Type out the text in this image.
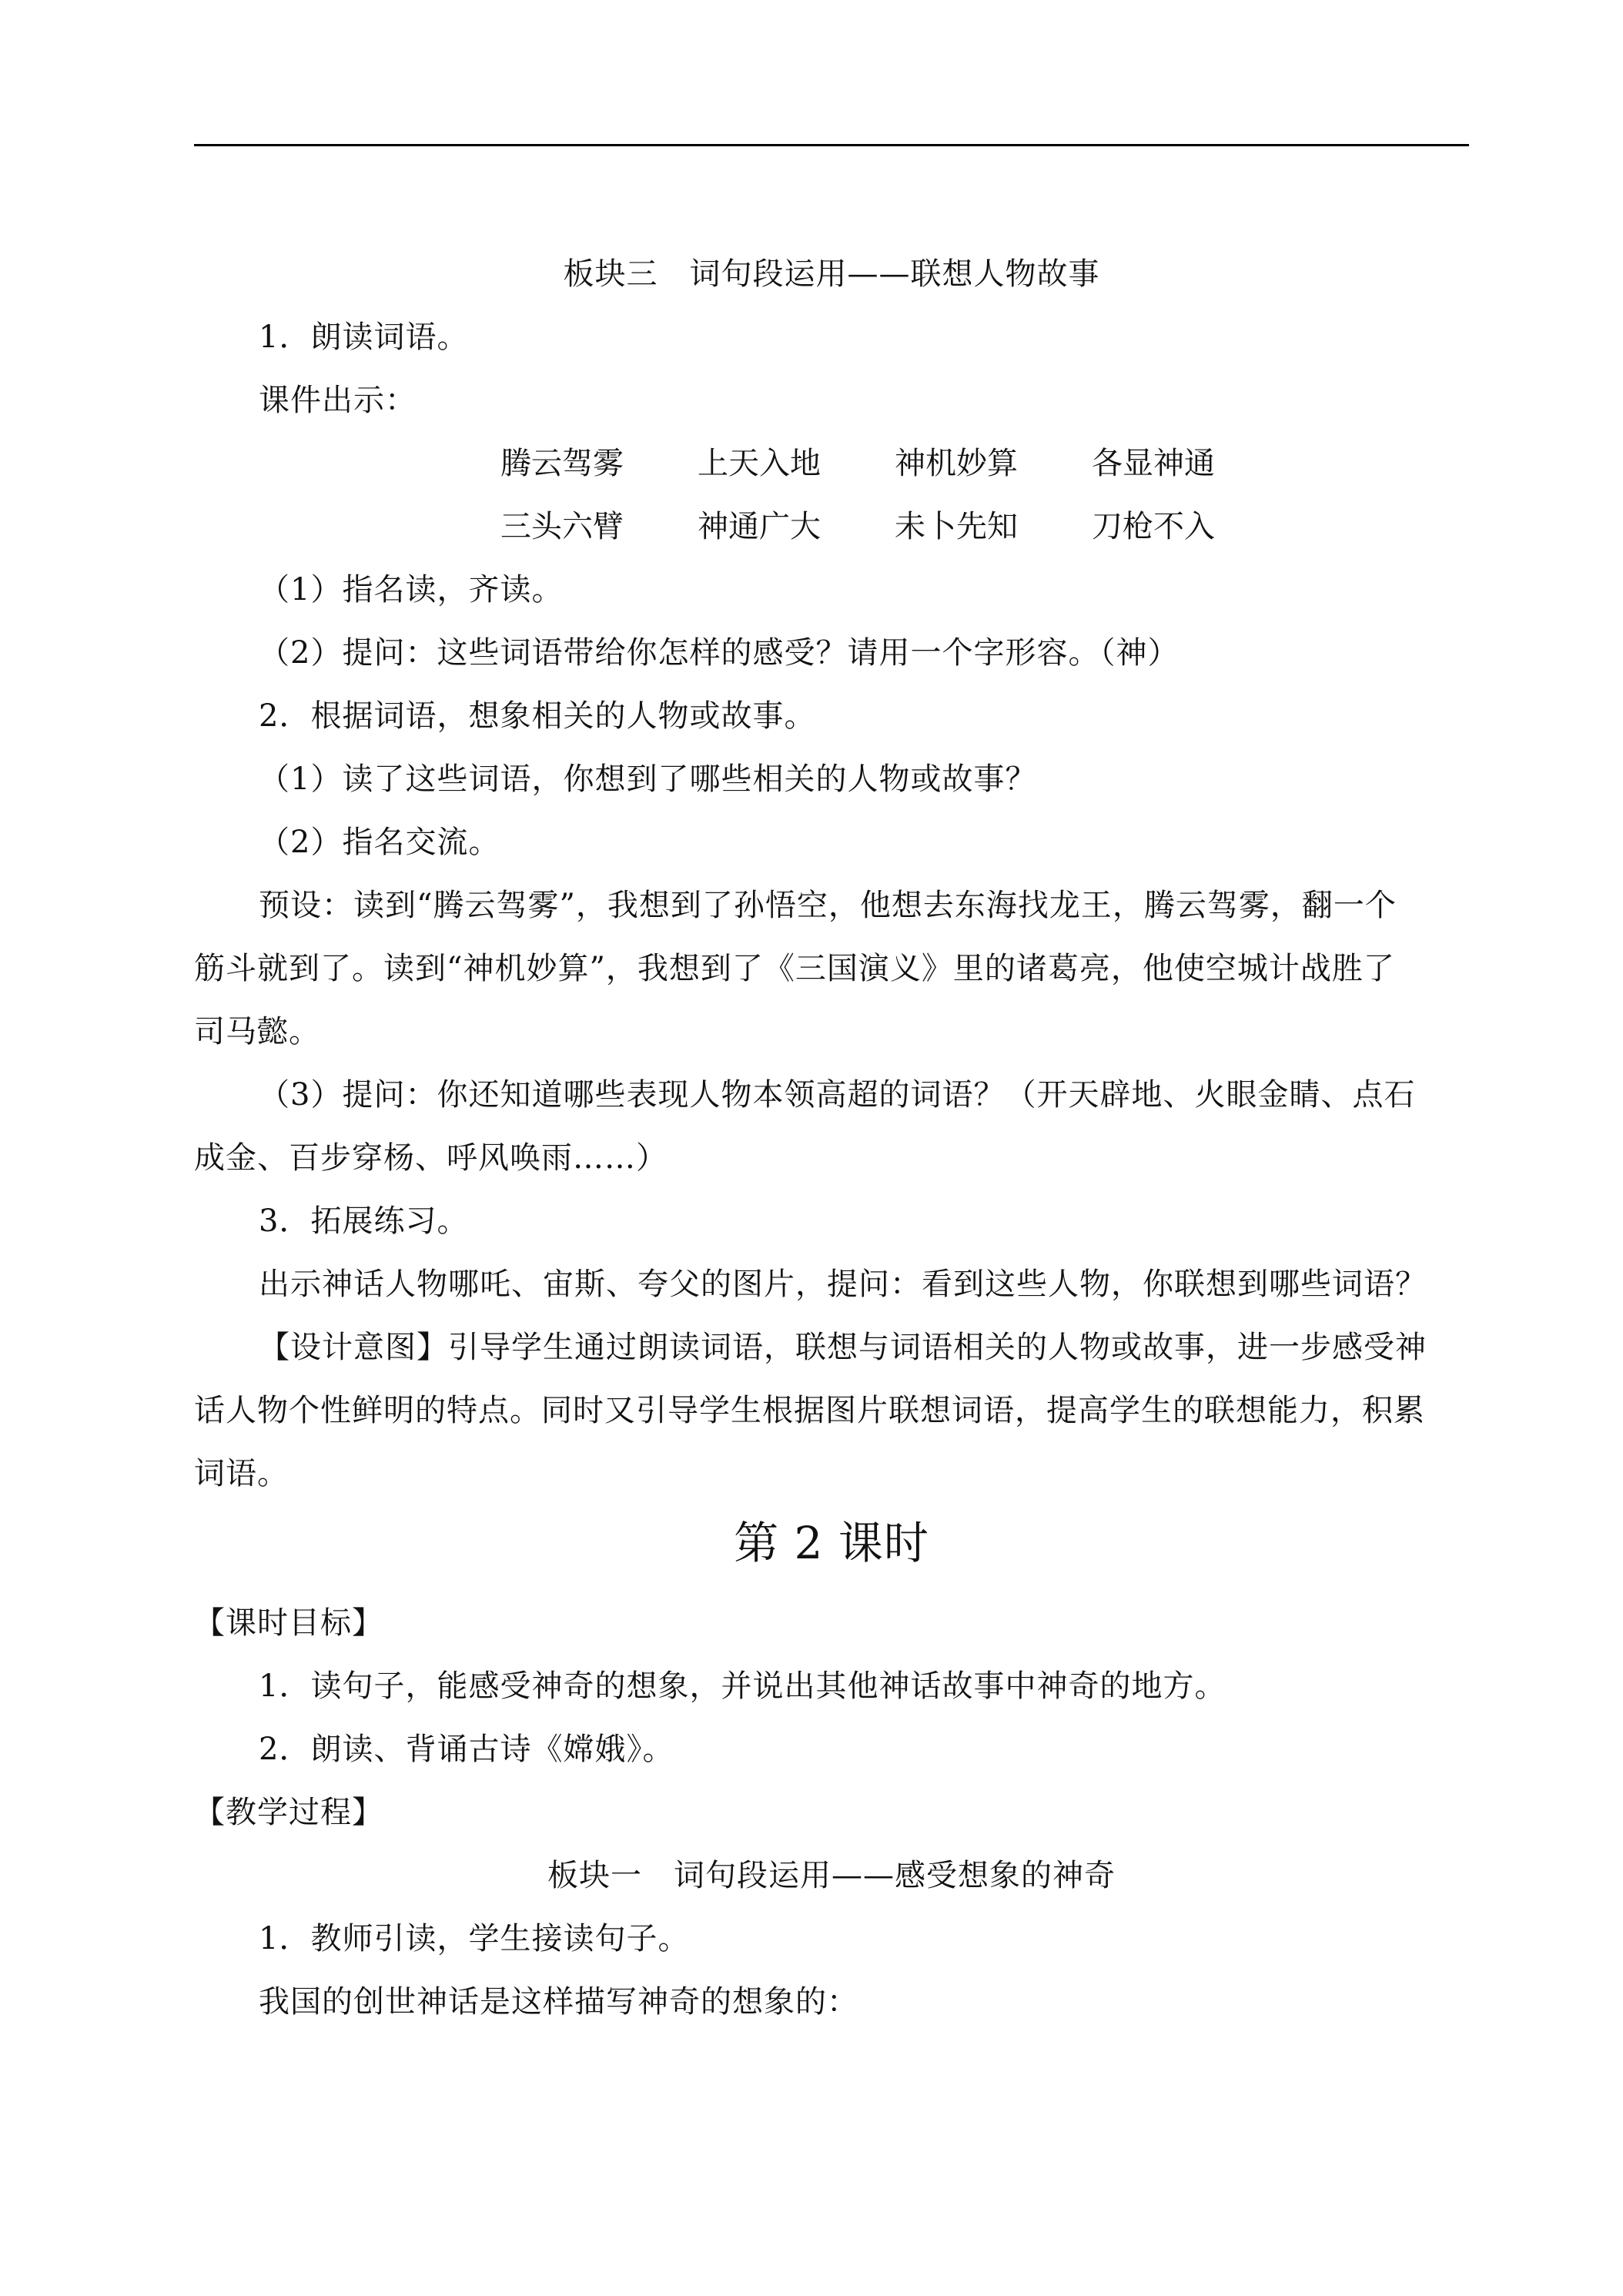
板块三　词句段运用——联想人物故事
1．朗读词语。
课件出示：
腾云驾雾 上天入地 神机妙算 各显神通
三头六臂 神通广大 未卜先知 刀枪不入
（1）指名读，齐读。
（2）提问：这些词语带给你怎样的感受？请用一个字形容。（神）
2．根据词语，想象相关的人物或故事。
（1）读了这些词语，你想到了哪些相关的人物或故事？
（2）指名交流。
预设：读到“腾云驾雾”，我想到了孙悟空，他想去东海找龙王，腾云驾雾，翻一个
筋斗就到了。读到“神机妙算”，我想到了《三国演义》里的诸葛亮，他使空城计战胜了
司马懿。
（3）提问：你还知道哪些表现人物本领高超的词语？（开天辟地、火眼金睛、点石
成金、百步穿杨、呼风唤雨……）
3．拓展练习。
出示神话人物哪吒、宙斯、夸父的图片，提问：看到这些人物，你联想到哪些词语？
【设计意图】引导学生通过朗读词语，联想与词语相关的人物或故事，进一步感受神
话人物个性鲜明的特点。同时又引导学生根据图片联想词语，提高学生的联想能力，积累
词语。
第 2 课时
【课时目标】
1．读句子，能感受神奇的想象，并说出其他神话故事中神奇的地方。
2．朗读、背诵古诗《嫦娥》。
【教学过程】
板块一　词句段运用——感受想象的神奇
1．教师引读，学生接读句子。
我国的创世神话是这样描写神奇的想象的：
